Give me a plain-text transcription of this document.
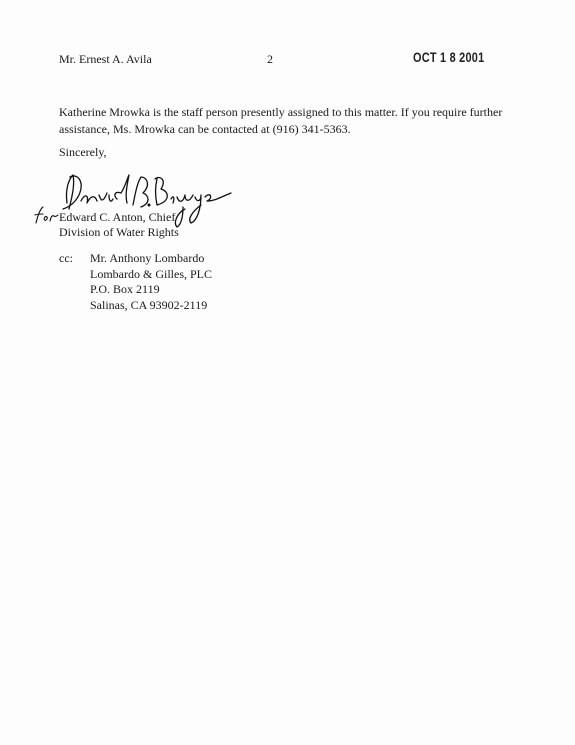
Mr. Ernest A. Avila	2	OCT 1 8 2001
Katherine Mrowka is the staff person presently assigned to this matter. If you require further assistance, Ms. Mrowka can be contacted at (916) 341-5363.
Sincerely,
Edward C. Anton, Chief
Division of Water Rights
cc: Mr. Anthony Lombardo
Lombardo & Gilles, PLC
P.O. Box 2119
Salinas, CA 93902-2119
